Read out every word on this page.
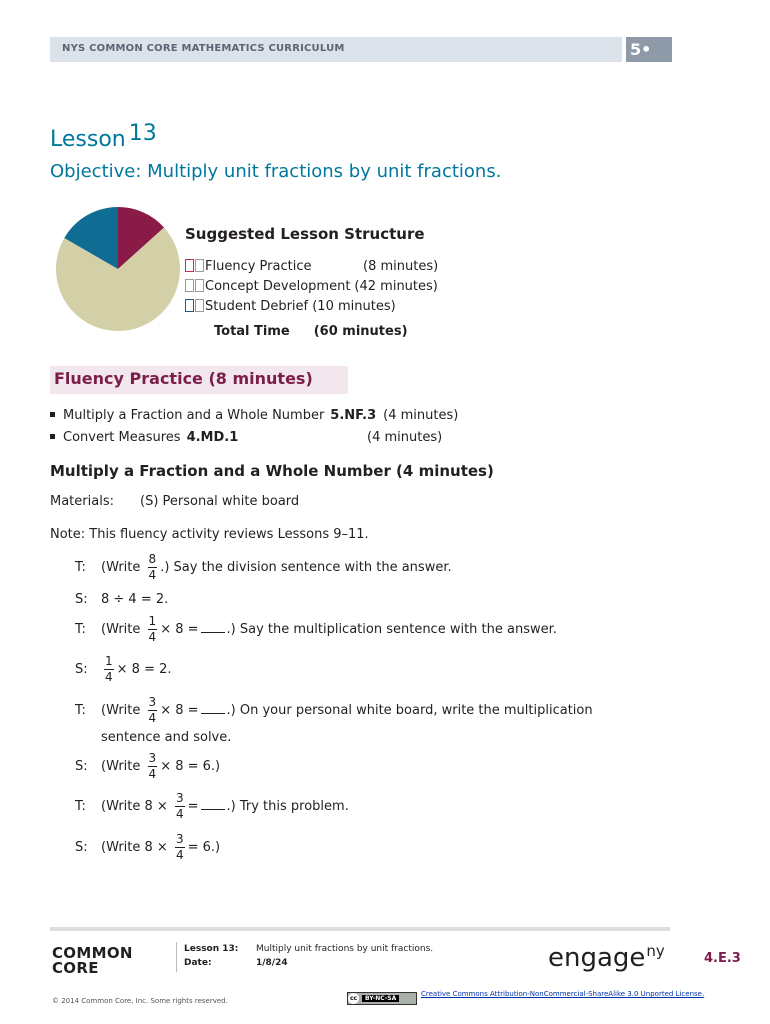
NYS COMMON CORE MATHEMATICS CURRICULUM	5•
Lesson 13
Objective: Multiply unit fractions by unit fractions.
Suggested Lesson Structure
Fluency Practice	(8 minutes)
Concept Development (42 minutes)
Student Debrief (10 minutes)
Total Time (60 minutes)
Fluency Practice (8 minutes)
Multiply a Fraction and a Whole Number 5.NF.3 (4 minutes)
Convert Measures 4.MD.1	(4 minutes)
Multiply a Fraction and a Whole Number (4 minutes)
Materials: (S) Personal white board
Note: This fluency activity reviews Lessons 9–11.
T: (Write $\frac{8}{4}$ .) Say the division sentence with the answer.
S: 8 ÷ 4 = 2.
T: (Write $\frac{1}{4} \times 8$ = .) Say the multiplication sentence with the answer.
S: $\frac{1}{4} \times 8 = 2$.
T: (Write $\frac{3}{4} \times 8$ = .) On your personal white board, write the multiplication
sentence and solve.
S: (Write $\frac{3}{4} \times 8 = 6$.)
T: (Write $8 \times \frac{3}{4}$ = .) Try this problem.
S: (Write $8 \times \frac{3}{4} = 6$.)
COMMON
CORE
Lesson 13: Multiply unit fractions by unit fractions.
Date:	1/8/24	engage$^{ny}$	4.E.3
© 2014 Common Core, Inc. Some rights reserved.	cc BY-NC-SA
Creative Commons Attribution-NonCommercial-ShareAlike 3.0 Unported License.
